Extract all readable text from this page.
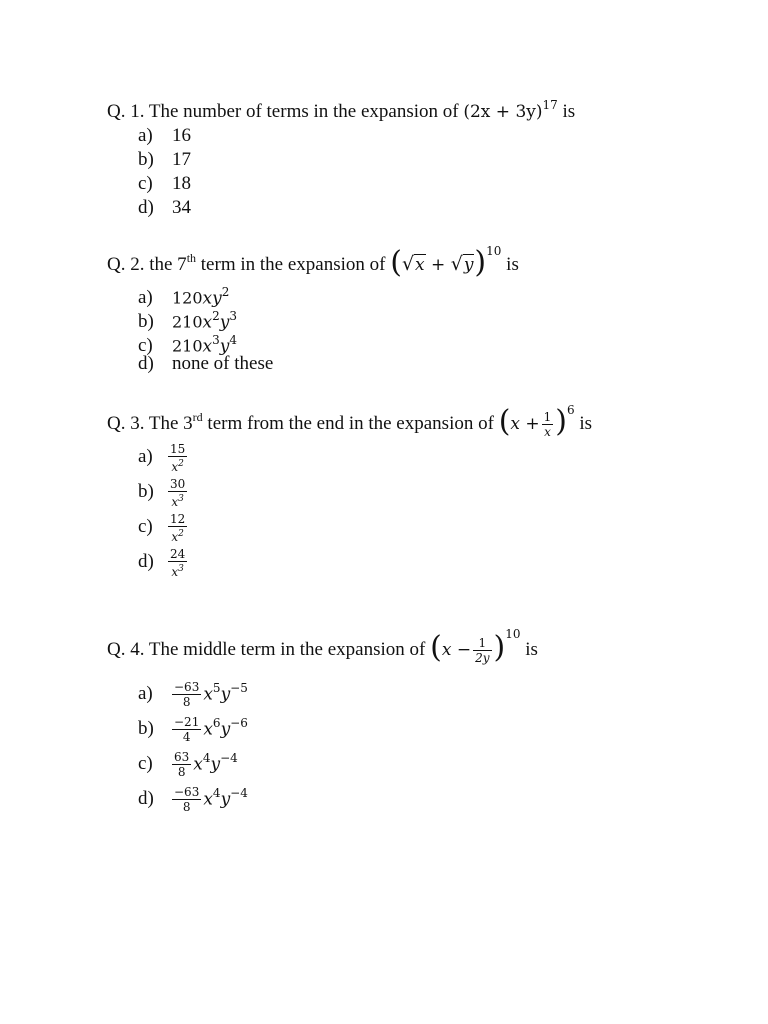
Q. 1. The number of terms in the expansion of $(2x + 3y)^{17}$ is
a) 16
b) 17
c) 18
d) 34
Q. 2. the 7th term in the expansion of $(√x + √y)^{10}$ is
a) $120xy^2$
b) $210x^2y^3$
c) $210x^3y^4$
d) none of these
Q. 3. The 3rd term from the end in the expansion of $(x + \frac{1}{x} )^6$ is
$a) \frac{15}{x^2}$
$b) \frac{30}{x^3}$
$c) \frac{12}{x^2}$
$d) \frac{24}{x^3}$
Q. 4. The middle term in the expansion of $(x - \frac{1}{2y} )^{10}$ is
$a) \frac{-63}{8} x^5y^{-5}$
$b) \frac{-21}{4} x^6y^{-6}$
$c) \frac{63}{8} x^4y^{-4}$
$d) \frac{-63}{8} x^4y^{-4}$
